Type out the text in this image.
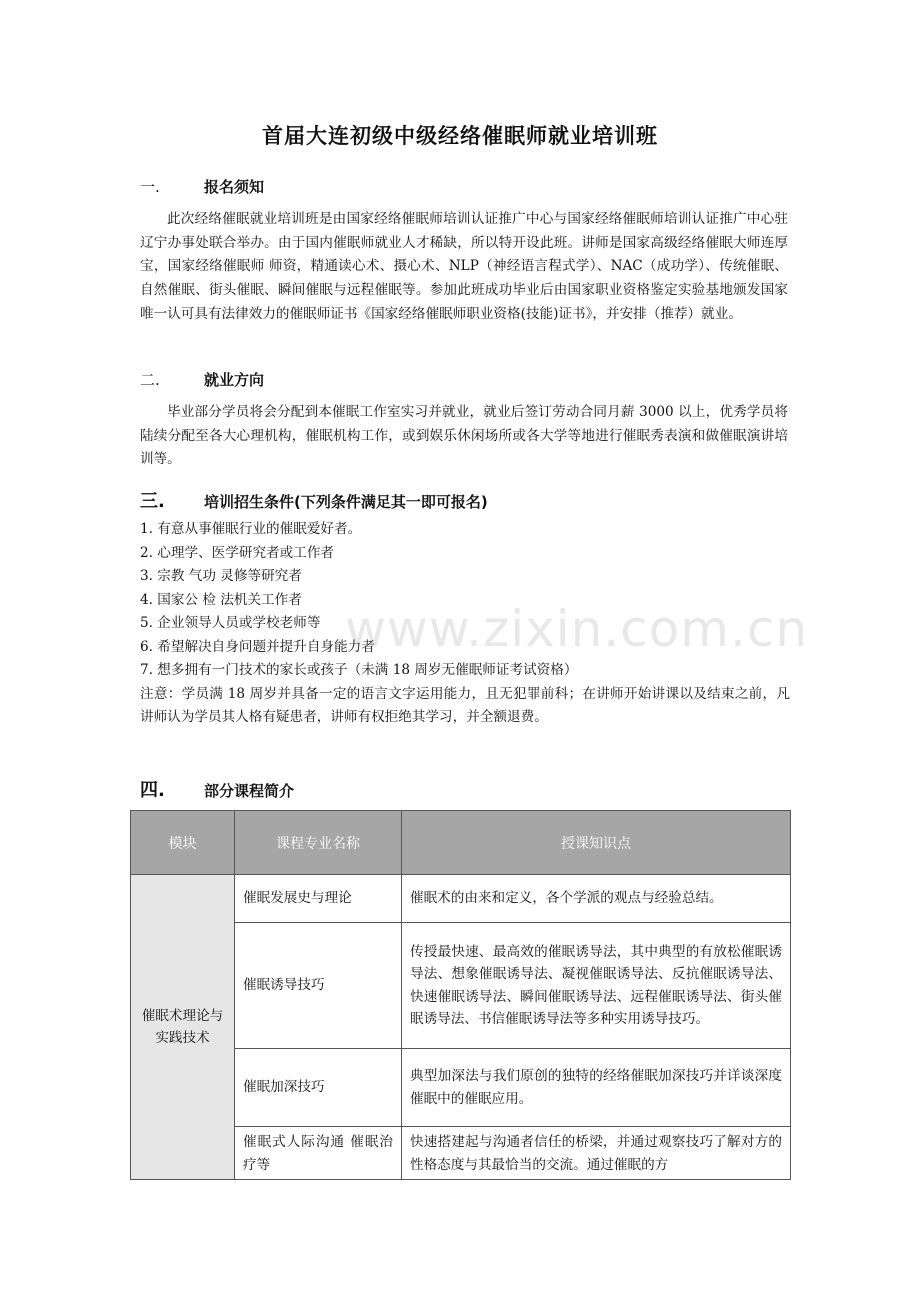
首届大连初级中级经络催眠师就业培训班
一.	报名须知
此次经络催眠就业培训班是由国家经络催眠师培训认证推广中心与国家经络催眠师培训认证推广中心驻辽宁办事处联合举办。由于国内催眠师就业人才稀缺，所以特开设此班。讲师是国家高级经络催眠大师连厚宝，国家经络催眠师 师资，精通读心术、摄心术、NLP（神经语言程式学）、NAC（成功学）、传统催眠、自然催眠、街头催眠、瞬间催眠与远程催眠等。参加此班成功毕业后由国家职业资格鉴定实验基地颁发国家唯一认可具有法律效力的催眠师证书《国家经络催眠师职业资格(技能)证书》，并安排（推荐）就业。
二.	就业方向
毕业部分学员将会分配到本催眠工作室实习并就业，就业后签订劳动合同月薪 3000 以上，优秀学员将陆续分配至各大心理机构，催眠机构工作，或到娱乐休闲场所或各大学等地进行催眠秀表演和做催眠演讲培训等。
三.	培训招生条件(下列条件满足其一即可报名)
1. 有意从事催眠行业的催眠爱好者。
2. 心理学、医学研究者或工作者
3. 宗教 气功 灵修等研究者
4. 国家公 检 法机关工作者
5. 企业领导人员或学校老师等
6. 希望解决自身问题并提升自身能力者
7. 想多拥有一门技术的家长或孩子（未满 18 周岁无催眠师证考试资格）
注意：学员满 18 周岁并具备一定的语言文字运用能力，且无犯罪前科；在讲师开始讲课以及结束之前，凡讲师认为学员其人格有疑患者，讲师有权拒绝其学习，并全额退费。
www.zixin.com.cn
四.	部分课程简介
模块	课程专业名称	授课知识点
催眠术理论与实践技术	催眠发展史与理论	催眠术的由来和定义，各个学派的观点与经验总结。
	催眠诱导技巧	传授最快速、最高效的催眠诱导法，其中典型的有放松催眠诱导法、想象催眠诱导法、凝视催眠诱导法、反抗催眠诱导法、快速催眠诱导法、瞬间催眠诱导法、远程催眠诱导法、街头催眠诱导法、书信催眠诱导法等多种实用诱导技巧。
	催眠加深技巧	典型加深法与我们原创的独特的经络催眠加深技巧并详谈深度催眠中的催眠应用。

	催眠式人际沟通 催眠治疗等	快速搭建起与沟通者信任的桥梁，并通过观察技巧了解对方的性格态度与其最恰当的交流。通过催眠的方
